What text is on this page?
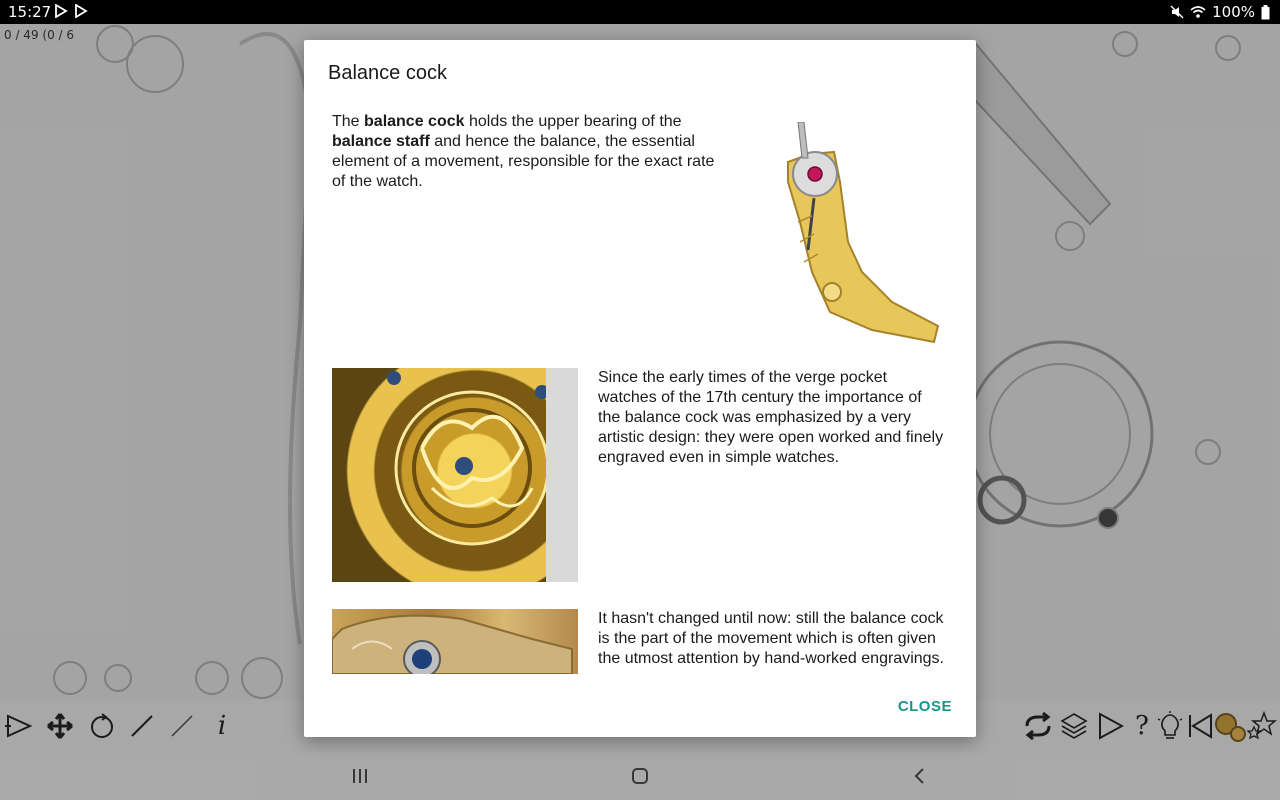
15:27	100%
0 / 49 (0 / 6
i	?
Balance cock
The balance cock holds the upper bearing of the balance staff and hence the balance, the essential element of a movement, responsible for the exact rate of the watch.
Since the early times of the verge pocket watches of the 17th century the importance of the balance cock was emphasized by a very artistic design: they were open worked and finely engraved even in simple watches.
It hasn't changed until now: still the balance cock is the part of the movement which is often given the utmost attention by hand-worked engravings.
CLOSE
